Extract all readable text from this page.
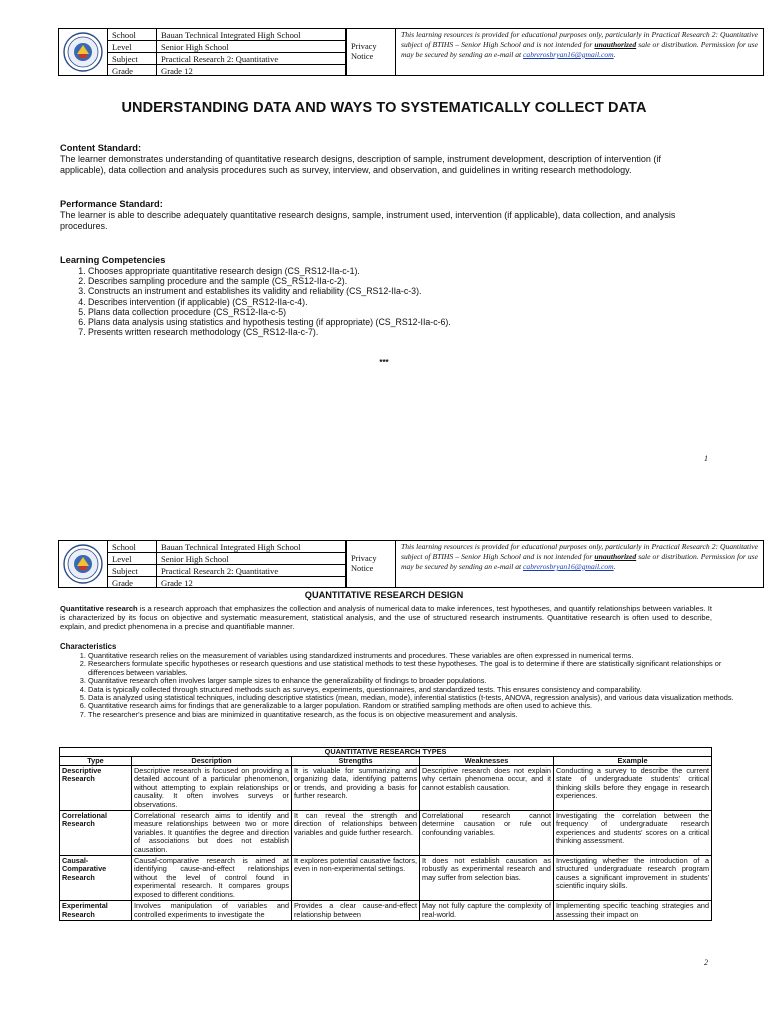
School	Bauan Technical Integrated High School
Level	Senior High School
Subject	Practical Research 2: Quantitative
Grade	Grade 12
Privacy
Notice
This learning resources is provided for educational purposes only, particularly in Practical Research 2: Quantitative subject of BTIHS – Senior High School and is not intended for unauthorized sale or distribution. Permission for use may be secured by sending an e-mail at cabrerosbryan16@gmail.com.
UNDERSTANDING DATA AND WAYS TO SYSTEMATICALLY COLLECT DATA
Content Standard:
The learner demonstrates understanding of quantitative research designs, description of sample, instrument development, description of intervention (if applicable), data collection and analysis procedures such as survey, interview, and observation, and guidelines in writing research methodology.
Performance Standard:
The learner is able to describe adequately quantitative research designs, sample, instrument used, intervention (if applicable), data collection, and analysis procedures.
Learning Competencies
1. Chooses appropriate quantitative research design (CS_RS12-IIa-c-1).
2. Describes sampling procedure and the sample (CS_RS12-IIa-c-2).
3. Constructs an instrument and establishes its validity and reliability (CS_RS12-IIa-c-3).
4. Describes intervention (if applicable) (CS_RS12-IIa-c-4).
5. Plans data collection procedure (CS_RS12-IIa-c-5)
6. Plans data analysis using statistics and hypothesis testing (if appropriate) (CS_RS12-IIa-c-6).
7. Presents written research methodology (CS_RS12-IIa-c-7).
***
1
School	Bauan Technical Integrated High School
Level	Senior High School
Subject	Practical Research 2: Quantitative
Grade	Grade 12
Privacy
Notice
This learning resources is provided for educational purposes only, particularly in Practical Research 2: Quantitative subject of BTIHS – Senior High School and is not intended for unauthorized sale or distribution. Permission for use may be secured by sending an e-mail at cabrerosbryan16@gmail.com.
QUANTITATIVE RESEARCH DESIGN
Quantitative research is a research approach that emphasizes the collection and analysis of numerical data to make inferences, test hypotheses, and quantify relationships between variables. It is characterized by its focus on objective and systematic measurement, statistical analysis, and the use of structured research instruments. Quantitative research is often used to describe, explain, and predict phenomena in a precise and quantifiable manner.
Characteristics
1. Quantitative research relies on the measurement of variables using standardized instruments and procedures. These variables are often expressed in numerical terms.
2. Researchers formulate specific hypotheses or research questions and use statistical methods to test these hypotheses. The goal is to determine if there are statistically significant relationships or differences between variables.
3. Quantitative research often involves larger sample sizes to enhance the generalizability of findings to broader populations.
4. Data is typically collected through structured methods such as surveys, experiments, questionnaires, and standardized tests. This ensures consistency and comparability.
5. Data is analyzed using statistical techniques, including descriptive statistics (mean, median, mode), inferential statistics (t-tests, ANOVA, regression analysis), and various data visualization methods.
6. Quantitative research aims for findings that are generalizable to a larger population. Random or stratified sampling methods are often used to achieve this.
7. The researcher's presence and bias are minimized in quantitative research, as the focus is on objective measurement and analysis.
QUANTITATIVE RESEARCH TYPES				
Type	Description	Strengths	Weaknesses	Example
Descriptive Research	Descriptive research is focused on providing a detailed account of a particular phenomenon, without attempting to explain relationships or causality. It often involves surveys or observations.	It is valuable for summarizing and organizing data, identifying patterns or trends, and providing a basis for further research.	Descriptive research does not explain why certain phenomena occur, and it cannot establish causation.	Conducting a survey to describe the current state of undergraduate students' critical thinking skills before they engage in research experiences.
Correlational Research	Correlational research aims to identify and measure relationships between two or more variables. It quantifies the degree and direction of associations but does not establish causation.	It can reveal the strength and direction of relationships between variables and guide further research.	Correlational research cannot determine causation or rule out confounding variables.	Investigating the correlation between the frequency of undergraduate research experiences and students' scores on a critical thinking assessment.
Causal-Comparative Research	Causal-comparative research is aimed at identifying cause-and-effect relationships without the level of control found in experimental research. It compares groups exposed to different conditions.	It explores potential causative factors, even in non-experimental settings.	It does not establish causation as robustly as experimental research and may suffer from selection bias.	Investigating whether the introduction of a structured undergraduate research program causes a significant improvement in students' scientific inquiry skills.
Experimental Research	Involves manipulation of variables and controlled experiments to investigate the	Provides a clear cause-and-effect relationship between	May not fully capture the complexity of real-world.	Implementing specific teaching strategies and assessing their impact on
2
